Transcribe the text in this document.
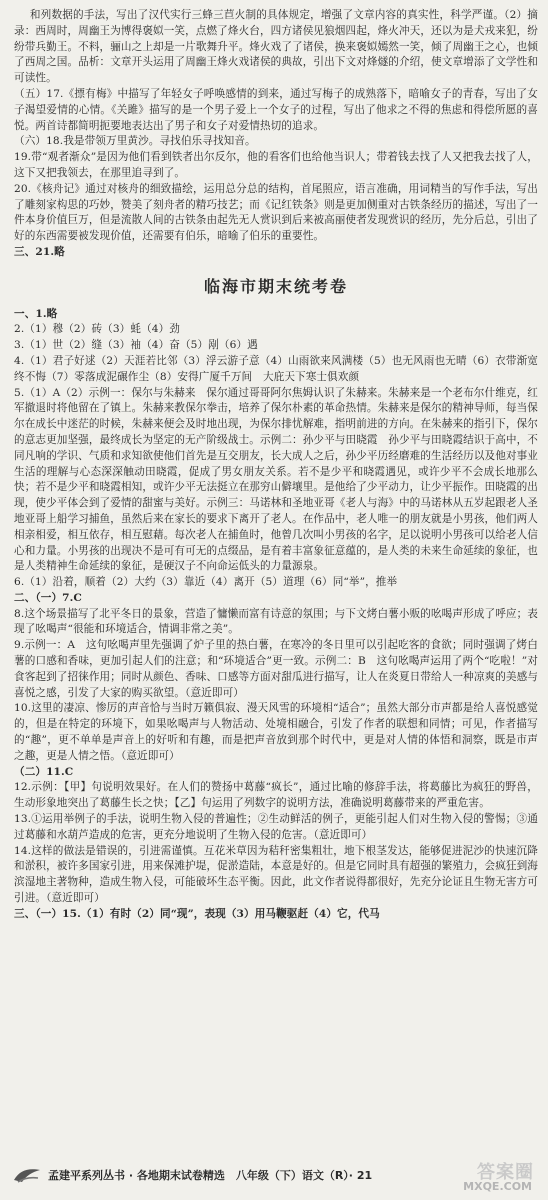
和列数据的手法，写出了汉代实行三蜂三苣火制的具体规定，增强了文章内容的真实性，科学严谨。（2）摘录：西周时，周幽王为博得褒姒一笑，点燃了烽火台，四方诸侯见狼烟四起，烽火冲天，还以为是犬戎来犯，纷纷带兵勤王。不料，骊山之上却是一片歌舞升平。烽火戏了了诸侯，换来褒姒嫣然一笑，倾了周幽王之心，也倾了西周之国。品析：文章开头运用了周幽王烽火戏诸侯的典故，引出下文对烽燧的介绍，使文章增添了文学性和可读性。

（五）17.《摽有梅》中描写了年轻女子呼唤感情的到来，通过写梅子的成熟落下，暗喻女子的青春，写出了女子渴望爱情的心情。《关雎》描写的是一个男子爱上一个女子的过程，写出了他求之不得的焦虑和得偿所愿的喜悦。两首诗都简明扼要地表达出了男子和女子对爱情热切的追求。

（六）18.我是带领万里黄沙。寻找伯乐寻找知音。

19.带“观者渐众”是因为他们看到铁者出尔反尔，他的看客们也给他当识人；带着钱去找了人又把我去找了人，这下又把我领去，在那里追寻到了。

20.《核舟记》通过对核舟的细致描绘，运用总分总的结构，首尾照应，语言准确，用词精当的写作手法，写出了雕刻家构思的巧妙，赞美了刻舟者的精巧技艺；而《记红铁条》则是更加侧重对古铁条经历的描述，写出了一件本身价值巨万，但是流散人间的古铁条由起先无人赏识到后来被高丽使者发现赏识的经历，先分后总，引出了好的东西需要被发现价值，还需要有伯乐，暗喻了伯乐的重要性。

三、21.略

临海市期末统考卷

一、1.略

2.（1）穆（2）砖（3）蚝（4）劲

3.（1）世（2）缝（3）袖（4）奋（5）剐（6）遇

4.（1）君子好逑（2）天涯若比邻（3）浮云游子意（4）山雨欲来风满楼（5）也无风雨也无晴（6）衣带渐宽终不悔（7）零落成泥碾作尘（8）安得广厦千万间　大庇天下寒士俱欢颜

5.（1）A（2）示例一：保尔与朱赫来　保尔通过哥哥阿尔焦姆认识了朱赫来。朱赫来是一个老布尔什维克，红军撤退时将他留在了镇上。朱赫来教保尔拳击，培养了保尔朴素的革命热情。朱赫来是保尔的精神导师，每当保尔在成长中迷茫的时候，朱赫来便会及时地出现，为保尔排忧解难，指明前进的方向。在朱赫来的指引下，保尔的意志更加坚强，最终成长为坚定的无产阶级战士。示例二：孙少平与田晓霞　孙少平与田晓霞结识于高中，不同凡响的学识、气质和求知欲使他们首先是互交朋友，长大成人之后，孙少平历经磨难的生活经历以及他对事业生活的理解与心态深深触动田晓霞，促成了男女朋友关系。若不是少平和晓霞遇见，或许少平不会成长地那么快；若不是少平和晓霞相知，或许少平无法挺立在那穷山僻壤里。是他给了少平动力，让少平振作。田晓霞的出现，使少平体会到了爱情的甜蜜与美好。示例三：马诺林和圣地亚哥《老人与海》中的马诺林从五岁起跟老人圣地亚哥上船学习捕鱼，虽然后来在家长的要求下离开了老人。在作品中，老人唯一的朋友就是小男孩，他们两人相亲相爱，相互依存，相互慰藉。每次老人在捕鱼时，他曾几次叫小男孩的名字，足以说明小男孩可以给老人信心和力量。小男孩的出现决不是可有可无的点缀品，是有着丰富象征意蕴的，是人类的未来生命延续的象征，也是人类精神生命延续的象征，是硬汉子不向命运低头的力量源泉。

6.（1）沿着，顺着（2）大约（3）靠近（4）离开（5）道理（6）同“举”，推举

二、（一）7.C

8.这个场景描写了北平冬日的景象，营造了慵懒而富有诗意的氛围；与下文烤白薯小贩的吆喝声形成了呼应；表现了吆喝声“很能和环境适合，情调非常之美”。

9.示例一：A　这句吆喝声里先强调了炉子里的热白薯，在寒冷的冬日里可以引起吃客的食欲；同时强调了烤白薯的口感和香味，更加引起人们的注意；和“环境适合”更一致。示例二：B　这句吆喝声运用了两个“吃啦！”对食客起到了招徕作用；同时从颜色、香味、口感等方面对甜瓜进行描写，让人在炎夏日带给人一种凉爽的美感与喜悦之感，引发了大家的购买欲望。（意近即可）

10.这里的凄凉、惨厉的声音恰与当时万籁俱寂、漫天风雪的环境相“适合”；虽然大部分市声都是给人喜悦感觉的，但是在特定的环境下，如果吆喝声与人物活动、处境相融合，引发了作者的联想和同情；可见，作者描写的“趣”，更不单单是声音上的好听和有趣，而是把声音放到那个时代中，更是对人情的体悟和洞察，既是市声之趣，更是人情之悟。（意近即可）

（二）11.C

12.示例：【甲】句说明效果好。在人们的赞扬中葛藤“疯长”，通过比喻的修辞手法，将葛藤比为疯狂的野兽，生动形象地突出了葛藤生长之快；【乙】句运用了列数字的说明方法，准确说明葛藤带来的严重危害。

13.①运用举例子的手法，说明生物入侵的普遍性；②生动鲜活的例子，更能引起人们对生物入侵的警惕；③通过葛藤和水葫芦造成的危害，更充分地说明了生物入侵的危害。（意近即可）

14.这样的做法是错误的，引进需谨慎。互花米草因为秸秆密集粗壮，地下根茎发达，能够促进泥沙的快速沉降和淤积，被许多国家引进，用来保滩护堤，促淤造陆，本意是好的。但是它同时具有超强的繁殖力，会疯狂到海滨湿地主著物种，造成生物入侵，可能破坏生态平衡。因此，此文作者说得都很好，先充分论证且生物无害方可引进。（意近即可）

三、（一）15.（1）有时（2）同“现”，表现（3）用马鞭驱赶（4）它，代马

孟建平系列丛书 · 各地期末试卷精选　八年级（下）语文（R）· 21	答案圈
MXQE.COM
